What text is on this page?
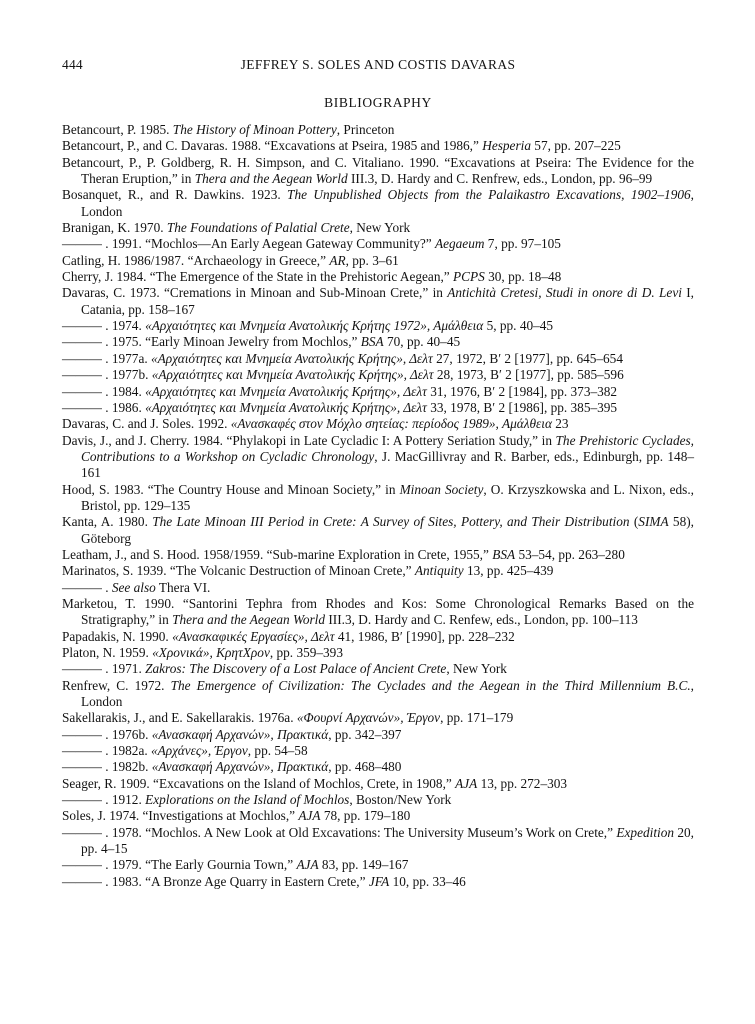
444	JEFFREY S. SOLES AND COSTIS DAVARAS
BIBLIOGRAPHY

Betancourt, P. 1985. The History of Minoan Pottery, Princeton

Betancourt, P., and C. Davaras. 1988. “Excavations at Pseira, 1985 and 1986,” Hesperia 57, pp. 207–225

Betancourt, P., P. Goldberg, R. H. Simpson, and C. Vitaliano. 1990. “Excavations at Pseira: The Evidence for the Theran Eruption,” in Thera and the Aegean World III.3, D. Hardy and C. Renfrew, eds., London, pp. 96–99

Bosanquet, R., and R. Dawkins. 1923. The Unpublished Objects from the Palaikastro Excavations, 1902–1906, London

Branigan, K. 1970. The Foundations of Palatial Crete, New York

——— . 1991. “Mochlos—An Early Aegean Gateway Community?” Aegaeum 7, pp. 97–105

Catling, H. 1986/1987. “Archaeology in Greece,” AR, pp. 3–61

Cherry, J. 1984. “The Emergence of the State in the Prehistoric Aegean,” PCPS 30, pp. 18–48

Davaras, C. 1973. “Cremations in Minoan and Sub-Minoan Crete,” in Antichità Cretesi, Studi in onore di D. Levi I, Catania, pp. 158–167

——— . 1974. «Αρχαιότητες και Μνημεία Ανατολικής Κρήτης 1972», Αμάλθεια 5, pp. 40–45

——— . 1975. “Early Minoan Jewelry from Mochlos,” BSA 70, pp. 40–45

——— . 1977a. «Αρχαιότητες και Μνημεία Ανατολικής Κρήτης», Δελτ 27, 1972, Β′ 2 [1977], pp. 645–654

——— . 1977b. «Αρχαιότητες και Μνημεία Ανατολικής Κρήτης», Δελτ 28, 1973, Β′ 2 [1977], pp. 585–596

——— . 1984. «Αρχαιότητες και Μνημεία Ανατολικής Κρήτης», Δελτ 31, 1976, Β′ 2 [1984], pp. 373–382

——— . 1986. «Αρχαιότητες και Μνημεία Ανατολικής Κρήτης», Δελτ 33, 1978, Β′ 2 [1986], pp. 385–395

Davaras, C. and J. Soles. 1992. «Ανασκαφές στον Μόχλο σητείας: περίοδος 1989», Αμάλθεια 23

Davis, J., and J. Cherry. 1984. “Phylakopi in Late Cycladic I: A Pottery Seriation Study,” in The Prehistoric Cyclades, Contributions to a Workshop on Cycladic Chronology, J. MacGillivray and R. Barber, eds., Edinburgh, pp. 148–161

Hood, S. 1983. “The Country House and Minoan Society,” in Minoan Society, O. Krzyszkowska and L. Nixon, eds., Bristol, pp. 129–135

Kanta, A. 1980. The Late Minoan III Period in Crete: A Survey of Sites, Pottery, and Their Distribution (SIMA 58), Göteborg

Leatham, J., and S. Hood. 1958/1959. “Sub-marine Exploration in Crete, 1955,” BSA 53–54, pp. 263–280

Marinatos, S. 1939. “The Volcanic Destruction of Minoan Crete,” Antiquity 13, pp. 425–439

——— . See also Thera VI.

Marketou, T. 1990. “Santorini Tephra from Rhodes and Kos: Some Chronological Remarks Based on the Stratigraphy,” in Thera and the Aegean World III.3, D. Hardy and C. Renfew, eds., London, pp. 100–113

Papadakis, N. 1990. «Ανασκαφικές Εργασίες», Δελτ 41, 1986, Β′ [1990], pp. 228–232

Platon, N. 1959. «Χρονικά», ΚρητΧρον, pp. 359–393

——— . 1971. Zakros: The Discovery of a Lost Palace of Ancient Crete, New York

Renfrew, C. 1972. The Emergence of Civilization: The Cyclades and the Aegean in the Third Millennium B.C., London

Sakellarakis, J., and E. Sakellarakis. 1976a. «Φουρνί Αρχανών», Έργον, pp. 171–179

——— . 1976b. «Ανασκαφή Αρχανών», Πρακτικά, pp. 342–397

——— . 1982a. «Αρχάνες», Έργον, pp. 54–58

——— . 1982b. «Ανασκαφή Αρχανών», Πρακτικά, pp. 468–480

Seager, R. 1909. “Excavations on the Island of Mochlos, Crete, in 1908,” AJA 13, pp. 272–303

——— . 1912. Explorations on the Island of Mochlos, Boston/New York

Soles, J. 1974. “Investigations at Mochlos,” AJA 78, pp. 179–180

——— . 1978. “Mochlos. A New Look at Old Excavations: The University Museum’s Work on Crete,” Expedition 20, pp. 4–15

——— . 1979. “The Early Gournia Town,” AJA 83, pp. 149–167

——— . 1983. “A Bronze Age Quarry in Eastern Crete,” JFA 10, pp. 33–46
